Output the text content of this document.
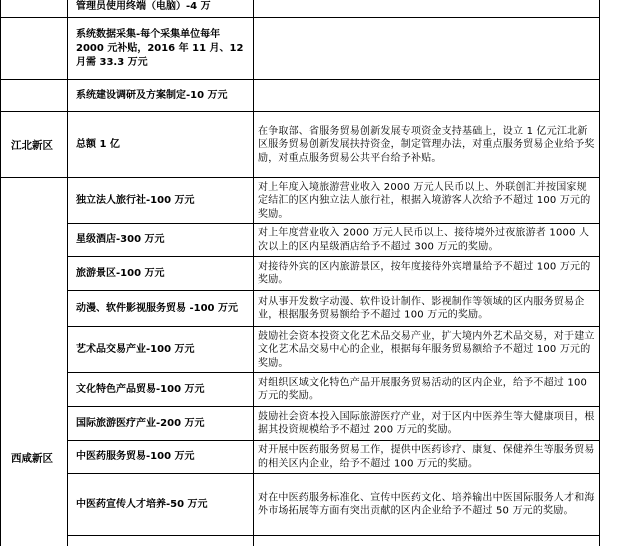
管理员使用终端（电脑）-4 万
系统数据采集-每个采集单位每年 2000 元补贴，2016 年 11 月、12 月需 33.3 万元
系统建设调研及方案制定-10 万元
江北新区 总额 1 亿
在争取部、省服务贸易创新发展专项资金支持基础上，设立 1 亿元江北新区服务贸易创新发展扶持资金，制定管理办法，对重点服务贸易企业给予奖励，对重点服务贸易公共平台给予补贴。
独立法人旅行社-100 万元
对上年度入境旅游营业收入 2000 万元人民币以上、外联创汇并按国家规定结汇的区内独立法人旅行社，根据入境游客人次给予不超过 100 万元的奖励。
星级酒店-300 万元
对上年度营业收入 2000 万元人民币以上、接待境外过夜旅游者 1000 人次以上的区内星级酒店给予不超过 300 万元的奖励。
旅游景区-100 万元
对接待外宾的区内旅游景区，按年度接待外宾增量给予不超过 100 万元的奖励。
动漫、软件影视服务贸易 -100 万元
对从事开发数字动漫、软件设计制作、影视制作等领域的区内服务贸易企业，根据服务贸易额给予不超过 100 万元的奖励。
艺术品交易产业-100 万元
鼓励社会资本投资文化艺术品交易产业，扩大境内外艺术品交易，对于建立文化艺术品交易中心的企业，根据每年服务贸易额给予不超过 100 万元的奖励。
文化特色产品贸易-100 万元
对组织区域文化特色产品开展服务贸易活动的区内企业，给予不超过 100 万元的奖励。
国际旅游医疗产业-200 万元
鼓励社会资本投入国际旅游医疗产业，对于区内中医养生等大健康项目，根据其投资规模给予不超过 200 万元的奖励。
西咸新区 中医药服务贸易-100 万元
对开展中医药服务贸易工作，提供中医药诊疗、康复、保健养生等服务贸易的相关区内企业，给予不超过 100 万元的奖励。
中医药宣传人才培养-50 万元
对在中医药服务标准化、宣传中医药文化、培养输出中医国际服务人才和海外市场拓展等方面有突出贡献的区内企业给予不超过 50 万元的奖励。
